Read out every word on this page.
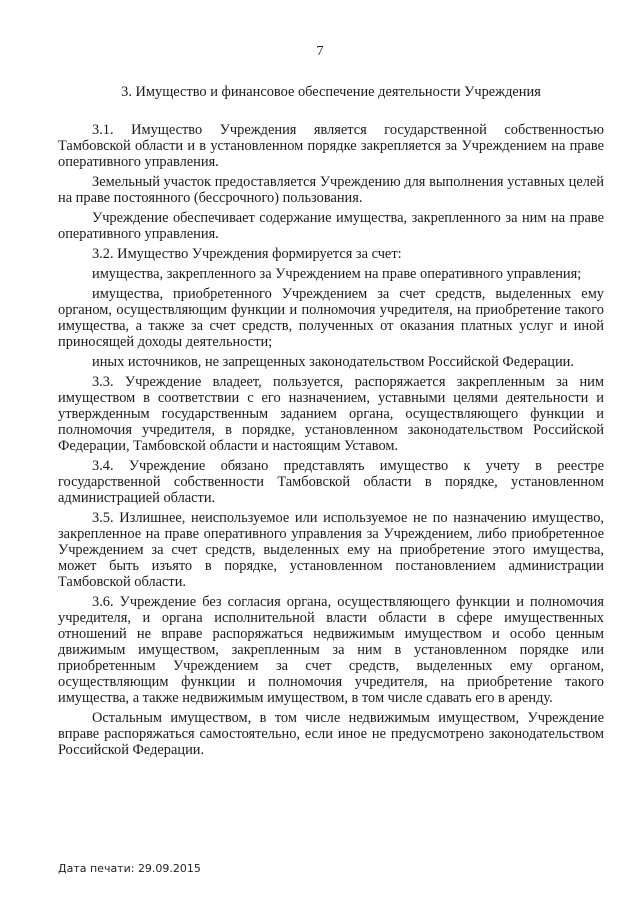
7
3. Имущество и финансовое обеспечение деятельности Учреждения

3.1. Имущество Учреждения является государственной собственностью Тамбовской области и в установленном порядке закрепляется за Учреждением на праве оперативного управления.

Земельный участок предоставляется Учреждению для выполнения уставных целей на праве постоянного (бессрочного) пользования.

Учреждение обеспечивает содержание имущества, закрепленного за ним на праве оперативного управления.

3.2. Имущество Учреждения формируется за счет:

имущества, закрепленного за Учреждением на праве оперативного управления;

имущества, приобретенного Учреждением за счет средств, выделенных ему органом, осуществляющим функции и полномочия учредителя, на приобретение такого имущества, а также за счет средств, полученных от оказания платных услуг и иной приносящей доходы деятельности;

иных источников, не запрещенных законодательством Российской Федерации.

3.3. Учреждение владеет, пользуется, распоряжается закрепленным за ним имуществом в соответствии с его назначением, уставными целями деятельности и утвержденным государственным заданием органа, осуществляющего функции и полномочия учредителя, в порядке, установленном законодательством Российской Федерации, Тамбовской области и настоящим Уставом.

3.4. Учреждение обязано представлять имущество к учету в реестре государственной собственности Тамбовской области в порядке, установленном администрацией области.

3.5. Излишнее, неиспользуемое или используемое не по назначению имущество, закрепленное на праве оперативного управления за Учреждением, либо приобретенное Учреждением за счет средств, выделенных ему на приобретение этого имущества, может быть изъято в порядке, установленном постановлением администрации Тамбовской области.

3.6. Учреждение без согласия органа, осуществляющего функции и полномочия учредителя, и органа исполнительной власти области в сфере имущественных отношений не вправе распоряжаться недвижимым имуществом и особо ценным движимым имуществом, закрепленным за ним в установленном порядке или приобретенным Учреждением за счет средств, выделенных ему органом, осуществляющим функции и полномочия учредителя, на приобретение такого имущества, а также недвижимым имуществом, в том числе сдавать его в аренду.

Остальным имуществом, в том числе недвижимым имуществом, Учреждение вправе распоряжаться самостоятельно, если иное не предусмотрено законодательством Российской Федерации.

Дата печати: 29.09.2015
